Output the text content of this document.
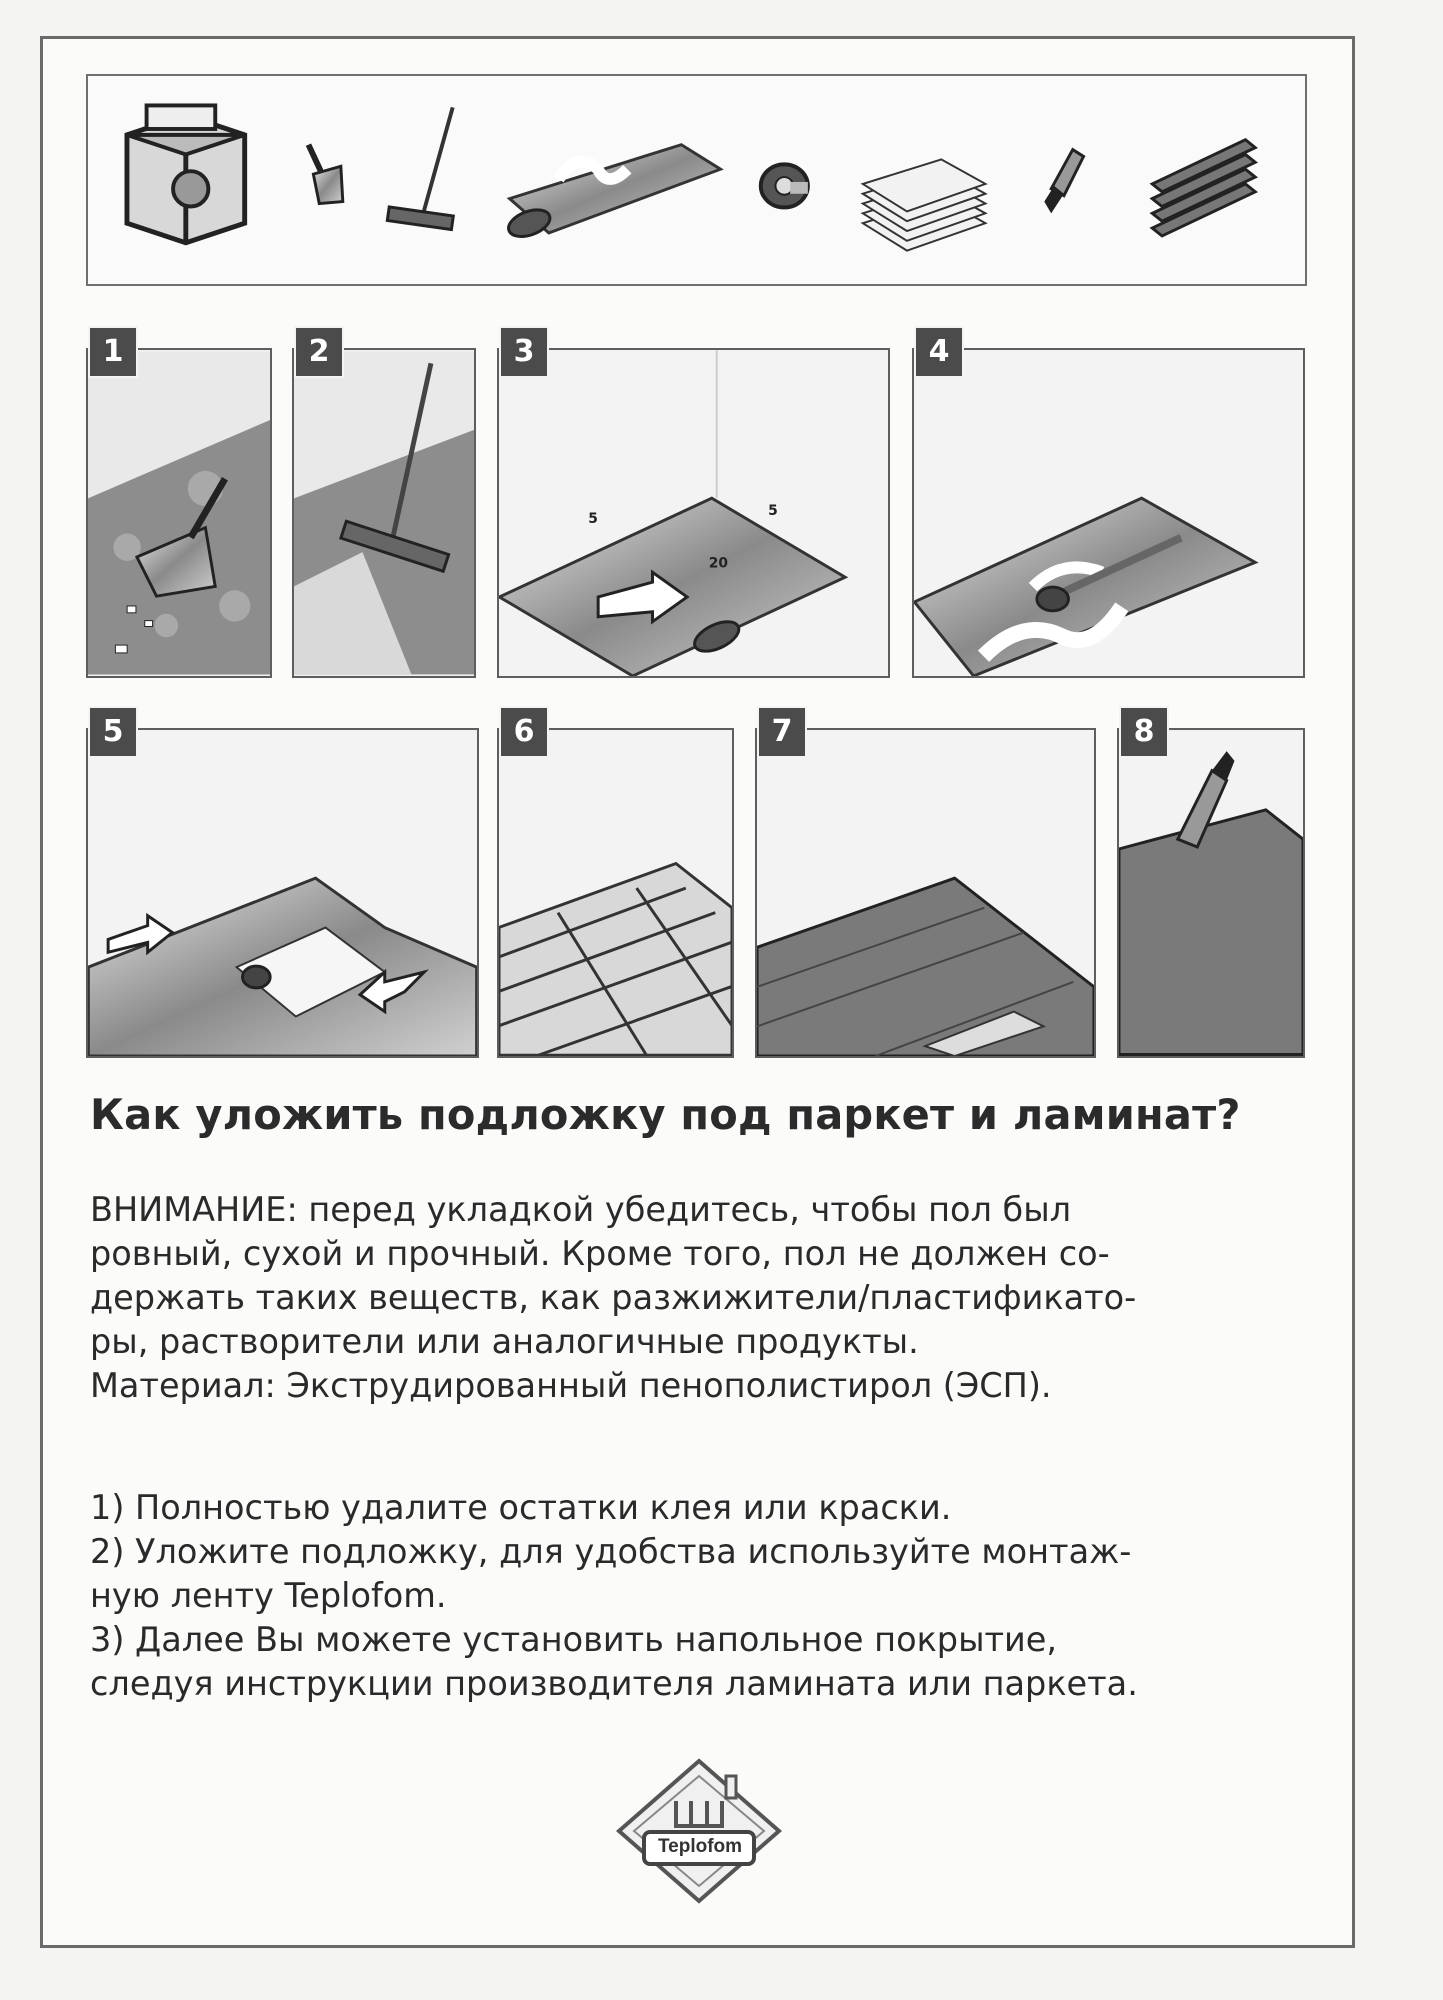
1	2
5	5
20
3	4
5	6	7	8
Как уложить подложку под паркет и ламинат?
ВНИМАНИЕ: перед укладкой убедитесь, чтобы пол был
ровный, сухой и прочный. Кроме того, пол не должен со-
держать таких веществ, как разжижители/пластификато-
ры, растворители или аналогичные продукты.
Материал: Экструдированный пенополистирол (ЭСП).
1) Полностью удалите остатки клея или краски.
2) Уложите подложку, для удобства используйте монтаж-
ную ленту Teplofom.
3) Далее Вы можете установить напольное покрытие,
следуя инструкции производителя ламината или паркета.
Teplofom
